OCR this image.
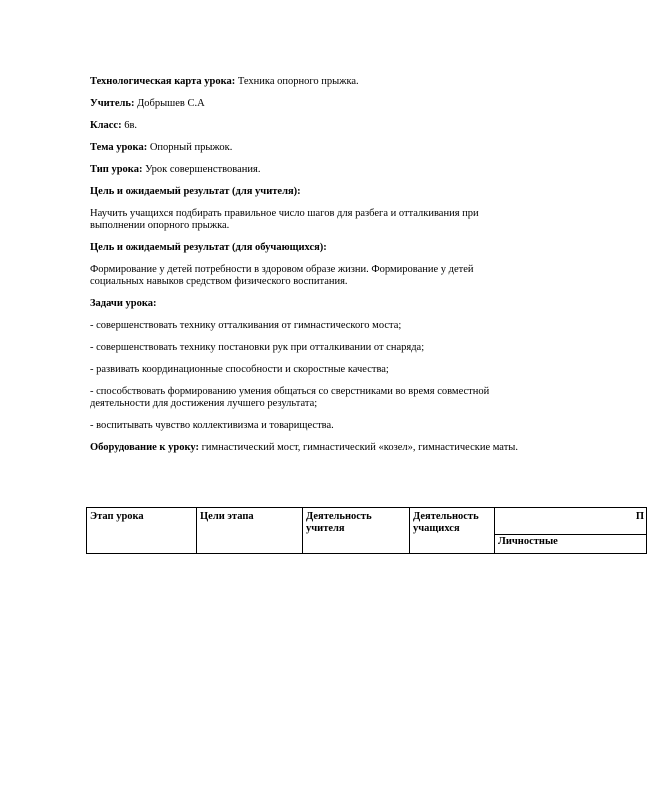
Технологическая карта урока: Техника опорного прыжка.

Учитель: Добрышев С.А

Класс: 6в.

Тема урока: Опорный прыжок.

Тип урока: Урок совершенствования.

Цель и ожидаемый результат (для учителя):

Научить учащихся подбирать правильное число шагов для разбега и отталкивания при выполнении опорного прыжка.

Цель и ожидаемый результат (для обучающихся):

Формирование у детей потребности в здоровом образе жизни. Формирование у детей социальных навыков средством физического воспитания.

Задачи урока:

- совершенствовать технику отталкивания от гимнастического моста;

- совершенствовать технику постановки рук при отталкивании от снаряда;

- развивать координационные способности и скоростные качества;

- способствовать формированию умения общаться со сверстниками во время совместной деятельности для достижения лучшего результата;

- воспитывать чувство коллективизма и товарищества.

Оборудование к уроку: гимнастический мост, гимнастический «козел», гимнастические маты.

Этап урока	Цели этапа	Деятельность учителя	Деятельность учащихся	П
Личностные
